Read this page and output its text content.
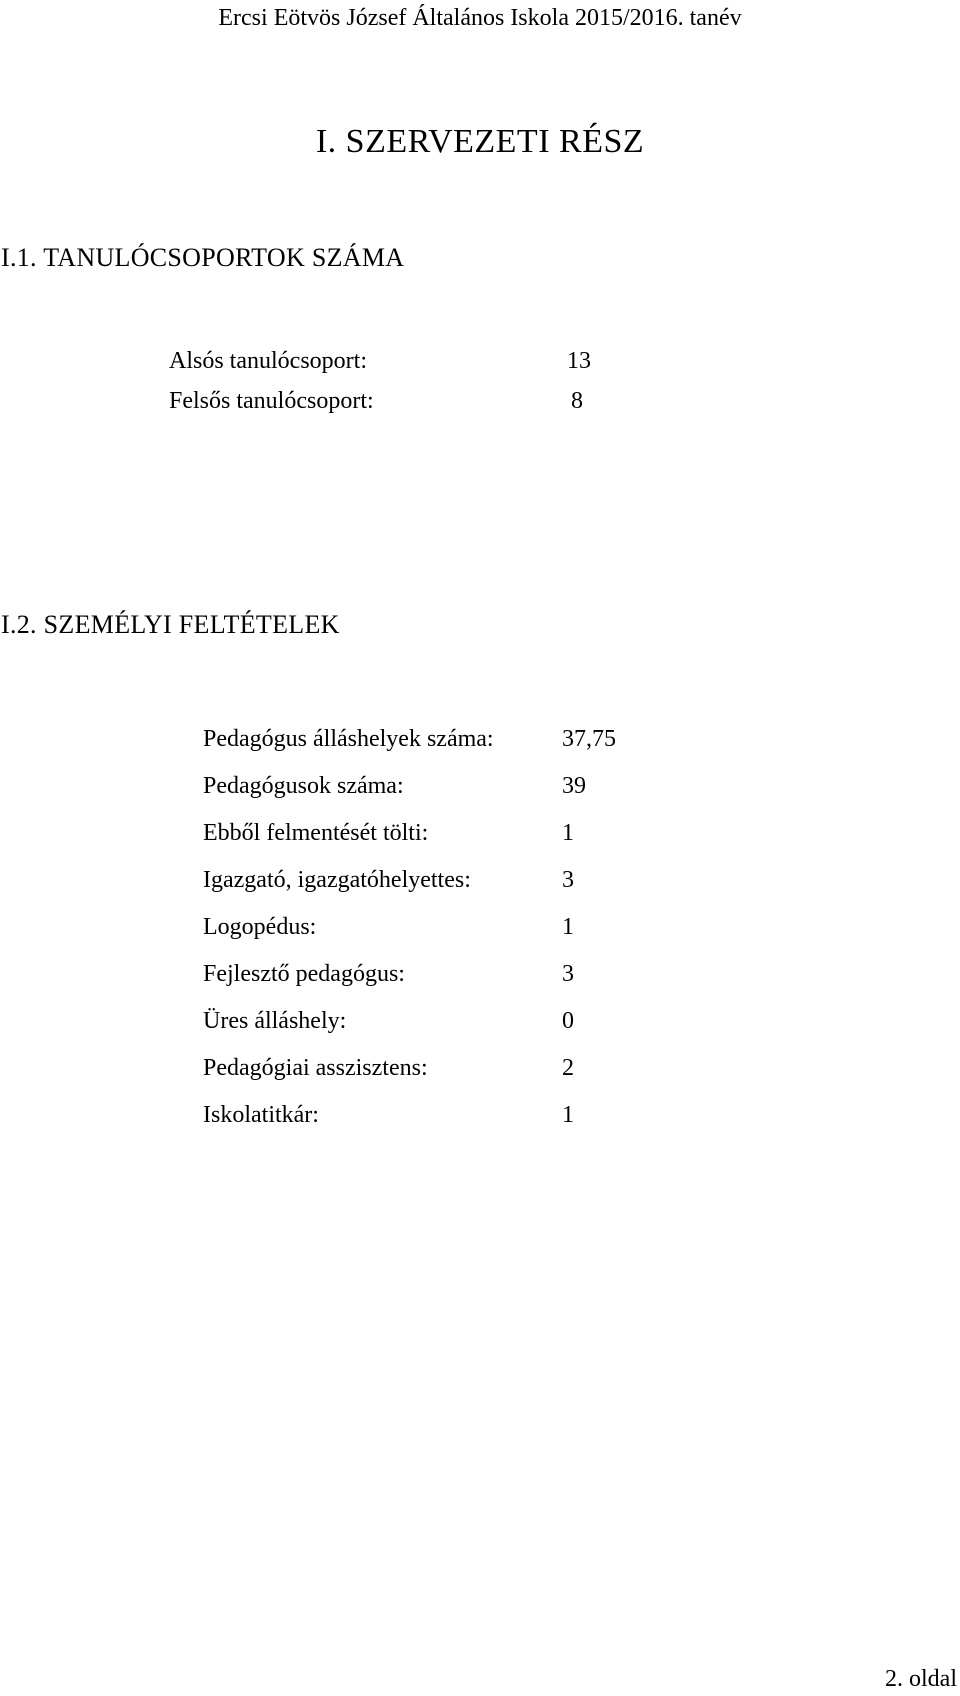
Ercsi Eötvös József Általános Iskola 2015/2016. tanév
I. SZERVEZETI RÉSZ
I.1. TANULÓCSOPORTOK SZÁMA
Alsós tanulócsoport:	13
Felsős tanulócsoport:	8
I.2. SZEMÉLYI FELTÉTELEK
Pedagógus álláshelyek száma:	37,75
Pedagógusok száma:	39
Ebből felmentését tölti:	1
Igazgató, igazgatóhelyettes:	3
Logopédus:	1
Fejlesztő pedagógus:	3
Üres álláshely:	0
Pedagógiai asszisztens:	2
Iskolatitkár:	1
2. oldal
